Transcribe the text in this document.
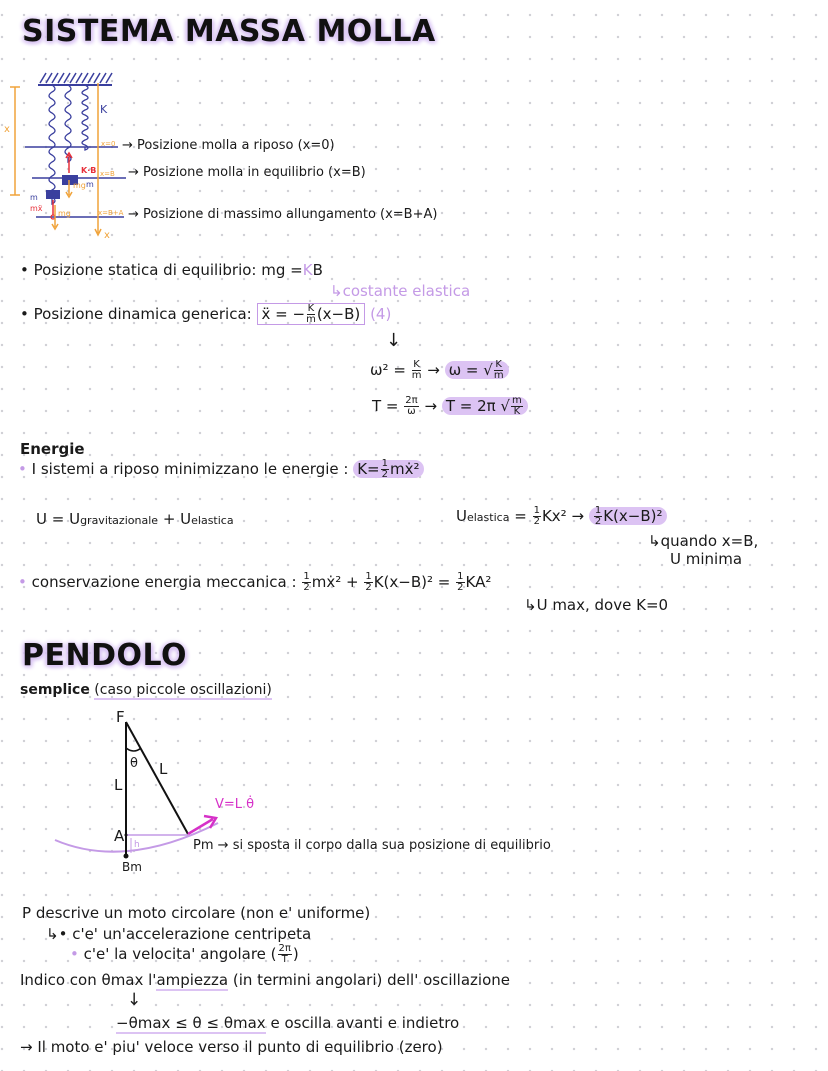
SISTEMA MASSA MOLLA
K
x
x
x=0
x=B
x=B+A
K·B
mg m
m
mẍ
mg
→ Posizione molla a riposo (x=0)
→ Posizione molla in equilibrio (x=B)
→ Posizione di massimo allungamento (x=B+A)
• Posizione statica di equilibrio: mg =KB
↳costante elastica
• Posizione dinamica generica: ẍ = − $\frac{K}{m} (x-B)$ (4)
↓
$\omega^2 = \frac{K}{m} \to \omega$ = √ $\frac{K}{m}$
$T = \frac{2\pi}{\omega} \to T = 2\pi$ √ $\frac{m}{K}$
Energie
• I sistemi a riposo minimizzano le energie : $K= \frac{1}{2}$ mẋ²
U = Ugravitazionale + Uelastica	Uelastica = $\frac{1}{2} Kx^2 \to \frac{1}{2} K(x-B)^2$
↳quando x=B,
U minima
• conservazione energia meccanica : $\frac{1}{2}$ mẋ² + $\frac{1}{2} K(x-B)^2 = \frac{1}{2} KA^2$
↳U max, dove K=0
PENDOLO
semplice (caso piccole oscillazioni)
F
θ
L
L
V=L θ̇
A h
Bm
Pm → si sposta il corpo dalla sua posizione di equilibrio
P descrive un moto circolare (non e' uniforme)
↳• c'e' un'accelerazione centripeta
• c'e' la velocita' angolare ( $\frac{2\pi}{T}$ )
Indico con θmax l'ampiezza (in termini angolari) dell' oscillazione
↓
−θmax ≤ θ ≤ θmax e oscilla avanti e indietro
→ Il moto e' piu' veloce verso il punto di equilibrio (zero)
